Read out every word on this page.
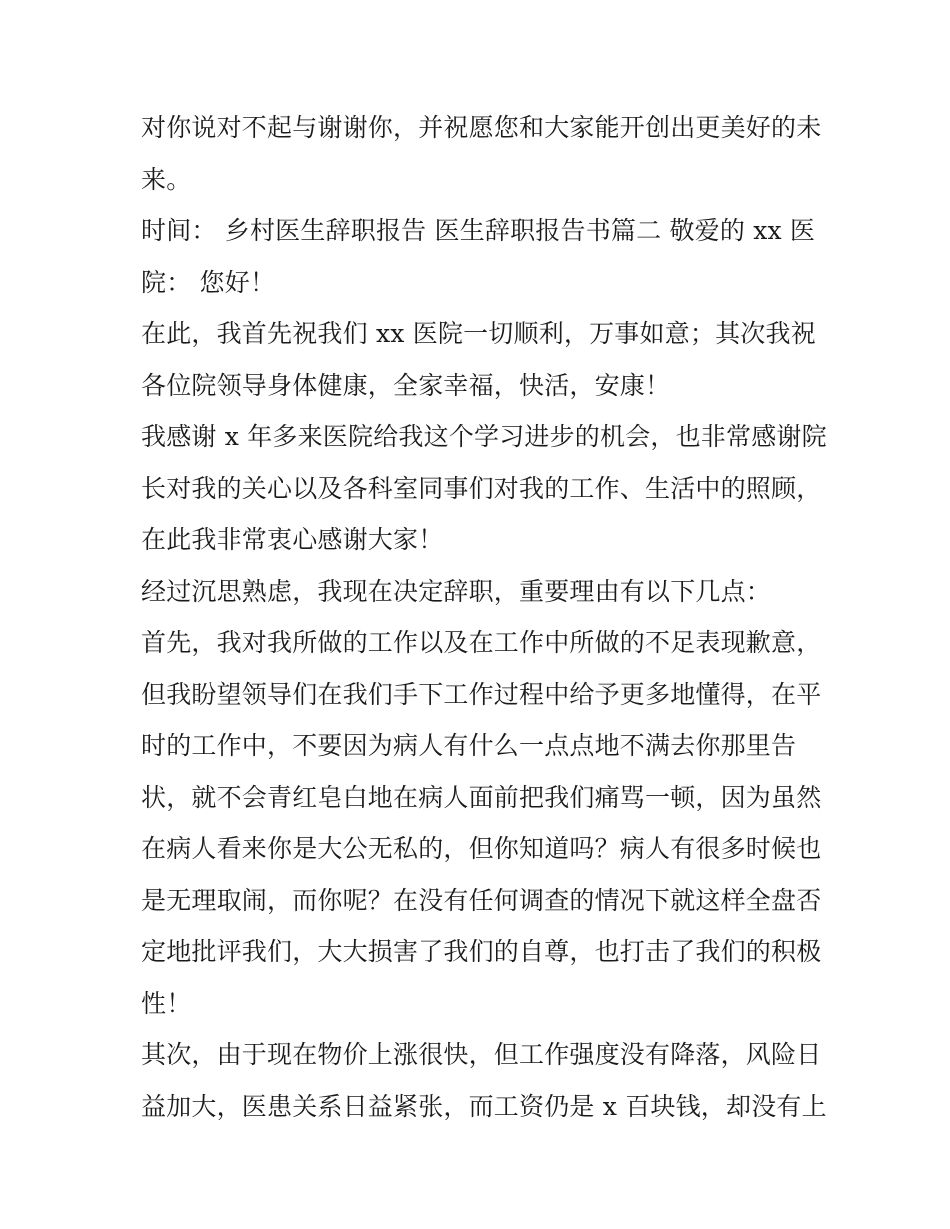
对你说对不起与谢谢你，并祝愿您和大家能开创出更美好的未
来。
时间： 乡村医生辞职报告 医生辞职报告书篇二 敬爱的 xx 医
院： 您好！
在此，我首先祝我们 xx 医院一切顺利，万事如意；其次我祝
各位院领导身体健康，全家幸福，快活，安康！
我感谢 x 年多来医院给我这个学习进步的机会，也非常感谢院
长对我的关心以及各科室同事们对我的工作、生活中的照顾，
在此我非常衷心感谢大家！
经过沉思熟虑，我现在决定辞职，重要理由有以下几点：
首先，我对我所做的工作以及在工作中所做的不足表现歉意，
但我盼望领导们在我们手下工作过程中给予更多地懂得，在平
时的工作中，不要因为病人有什么一点点地不满去你那里告
状，就不会青红皂白地在病人面前把我们痛骂一顿，因为虽然
在病人看来你是大公无私的，但你知道吗？病人有很多时候也
是无理取闹，而你呢？在没有任何调查的情况下就这样全盘否
定地批评我们，大大损害了我们的自尊，也打击了我们的积极
性！
其次，由于现在物价上涨很快，但工作强度没有降落，风险日
益加大，医患关系日益紧张，而工资仍是 x 百块钱，却没有上
